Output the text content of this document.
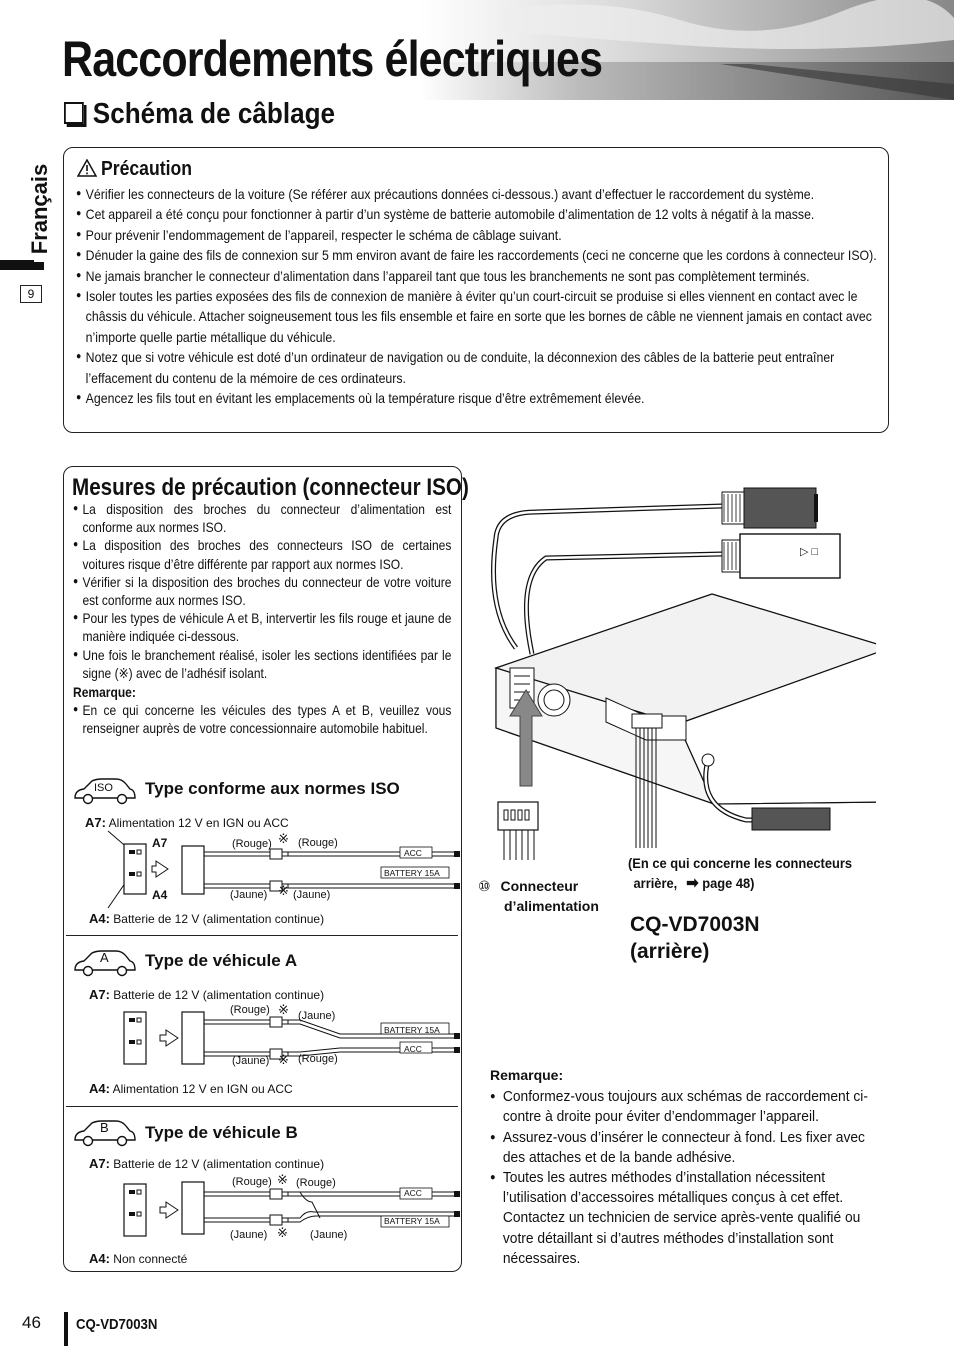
Raccordements électriques
Schéma de câblage
Français
9
Précaution
● Vérifier les connecteurs de la voiture (Se référer aux précautions données ci-dessous.) avant d’effectuer le raccordement du système.
● Cet appareil a été conçu pour fonctionner à partir d’un système de batterie automobile d’alimentation de 12 volts à négatif à la masse.
● Pour prévenir l’endommagement de l’appareil, respecter le schéma de câblage suivant.
● Dénuder la gaine des fils de connexion sur 5 mm environ avant de faire les raccordements (ceci ne concerne que les cordons à connecteur ISO).
● Ne jamais brancher le connecteur d’alimentation dans l’appareil tant que tous les branchements ne sont pas complètement terminés.
● Isoler toutes les parties exposées des fils de connexion de manière à éviter qu’un court-circuit se produise si elles viennent en contact avec le châssis du véhicule. Attacher soigneusement tous les fils ensemble et faire en sorte que les bornes de câble ne viennent jamais en contact avec n’importe quelle partie métallique du véhicule.
● Notez que si votre véhicule est doté d’un ordinateur de navigation ou de conduite, la déconnexion des câbles de la batterie peut entraîner l’effacement du contenu de la mémoire de ces ordinateurs.
● Agencez les fils tout en évitant les emplacements où la température risque d’être extrêmement élevée.
Mesures de précaution (connecteur ISO)
● La disposition des broches du connecteur d’alimentation est conforme aux normes ISO.
● La disposition des broches des connecteurs ISO de certaines voitures risque d’être différente par rapport aux normes ISO.
● Vérifier si la disposition des broches du connecteur de votre voiture est conforme aux normes ISO.
● Pour les types de véhicule A et B, intervertir les fils rouge et jaune de manière indiquée ci-dessous.
● Une fois le branchement réalisé, isoler les sections identifiées par le signe (※) avec de l’adhésif isolant.
Remarque:
● En ce qui concerne les véicules des types A et B, veuillez vous renseigner auprès de votre concessionnaire automobile habituel.
ISO Type conforme aux normes ISO
A7: Alimentation 12 V en IGN ou ACC
A4: Batterie de 12 V (alimentation continue)
A7
A4
ACC
BATTERY 15A
(Rouge) ※ (Rouge)
(Jaune) ※ (Jaune)
A Type de véhicule A
A7: Batterie de 12 V (alimentation continue)
A4: Alimentation 12 V en IGN ou ACC
BATTERY 15A
ACC
(Rouge) ※ (Jaune)
(Jaune) ※ (Rouge)
B Type de véhicule B
A7: Batterie de 12 V (alimentation continue)
A4: Non connecté
ACC
BATTERY 15A
(Rouge) ※ (Rouge)
(Jaune) ※ (Jaune)
▷ □
⑩ Connecteur
d’alimentation
(En ce qui concerne les connecteurs
arrière, ➡ page 48)
CQ-VD7003N
(arrière)
Remarque:
● Conformez-vous toujours aux schémas de raccordement ci-contre à droite pour éviter d’endommager l’appareil.
● Assurez-vous d’insérer le connecteur à fond. Les fixer avec des attaches et de la bande adhésive.
● Toutes les autres méthodes d’installation nécessitent l’utilisation d’accessoires métalliques conçus à cet effet. Contactez un technicien de service après-vente qualifié ou votre détaillant si d’autres méthodes d’installation sont nécessaires.
46 CQ-VD7003N
